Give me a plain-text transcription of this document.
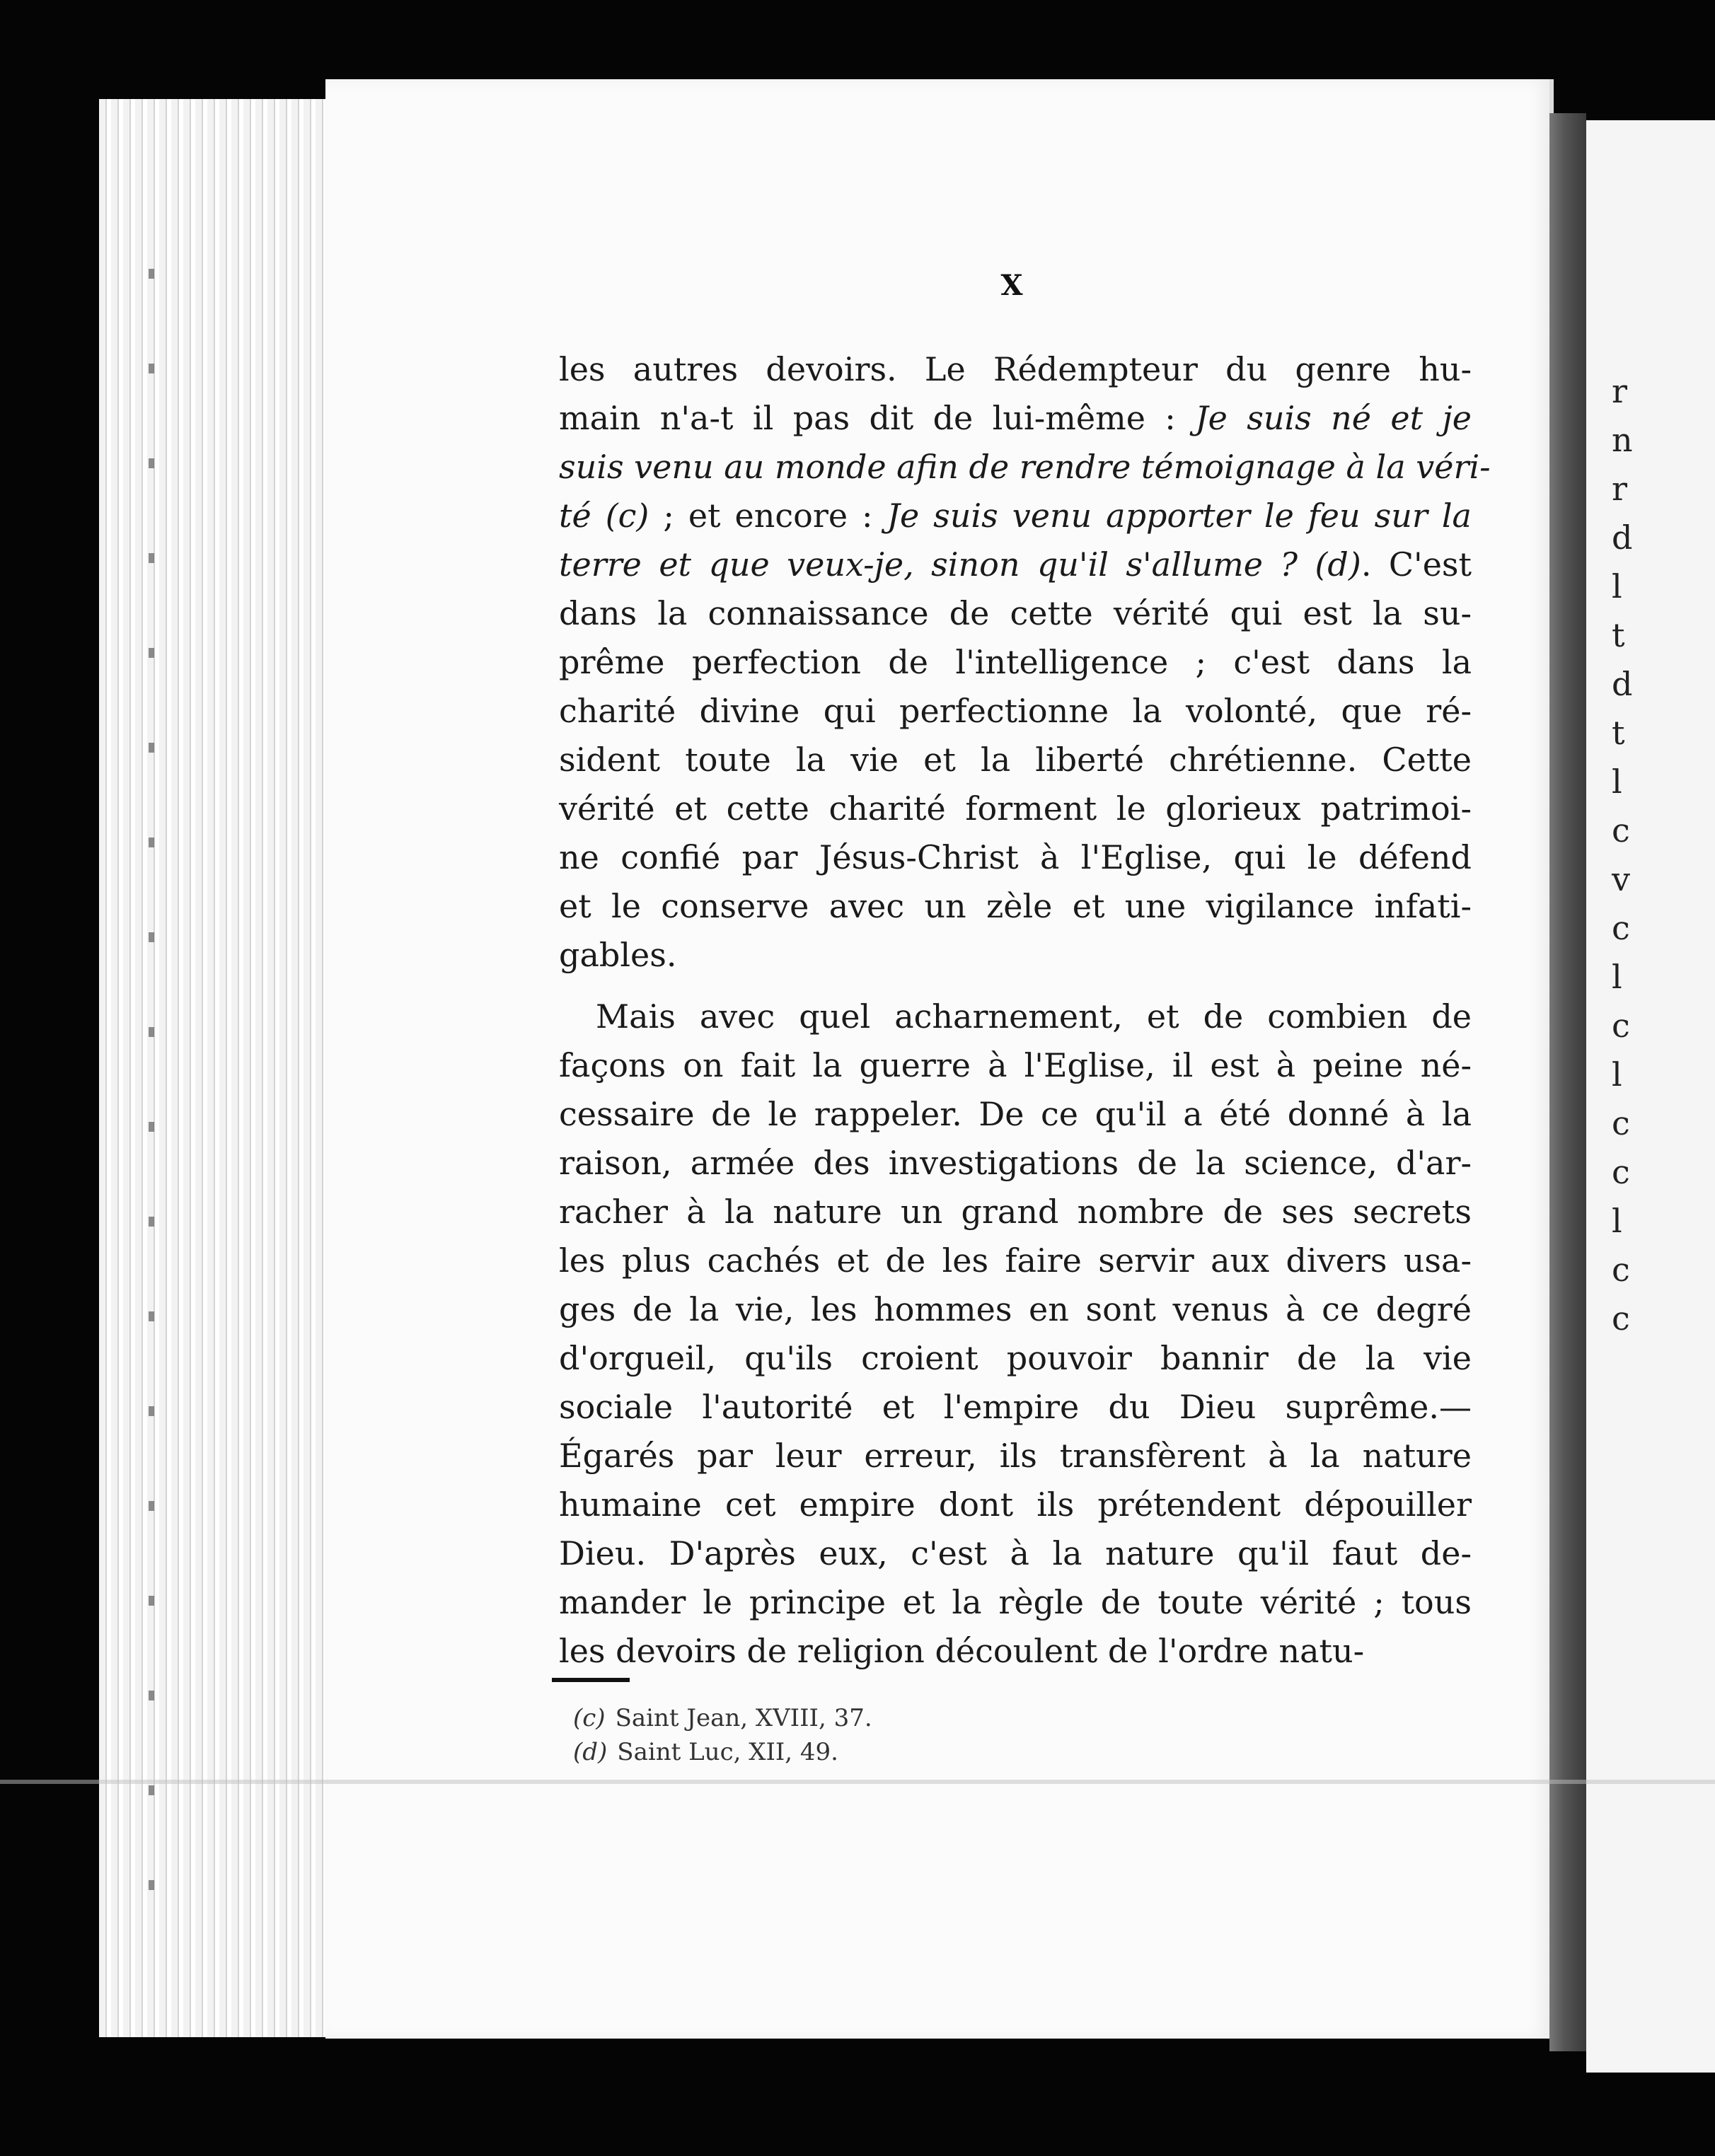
X
les autres devoirs. Le Rédempteur du genre hu-
main n'a-t il pas dit de lui-même : Je suis né et je
suis venu au monde afin de rendre témoignage à la véri-
té (c) ; et encore : Je suis venu apporter le feu sur la
terre et que veux-je, sinon qu'il s'allume ? (d). C'est
dans la connaissance de cette vérité qui est la su-
prême perfection de l'intelligence ; c'est dans la
charité divine qui perfectionne la volonté, que ré-
sident toute la vie et la liberté chrétienne. Cette
vérité et cette charité forment le glorieux patrimoi-
ne confié par Jésus-Christ à l'Eglise, qui le défend
et le conserve avec un zèle et une vigilance infati-
gables.
Mais avec quel acharnement, et de combien de
façons on fait la guerre à l'Eglise, il est à peine né-
cessaire de le rappeler. De ce qu'il a été donné à la
raison, armée des investigations de la science, d'ar-
racher à la nature un grand nombre de ses secrets
les plus cachés et de les faire servir aux divers usa-
ges de la vie, les hommes en sont venus à ce degré
d'orgueil, qu'ils croient pouvoir bannir de la vie
sociale l'autorité et l'empire du Dieu suprême.—
Égarés par leur erreur, ils transfèrent à la nature
humaine cet empire dont ils prétendent dépouiller
Dieu. D'après eux, c'est à la nature qu'il faut de-
mander le principe et la règle de toute vérité ; tous
les devoirs de religion découlent de l'ordre natu-
(c) Saint Jean, XVIII, 37.
(d) Saint Luc, XII, 49.
r
n
r
d
l
t
d
t
l
c
v
c
l
c
l
c
c
l
c
c
